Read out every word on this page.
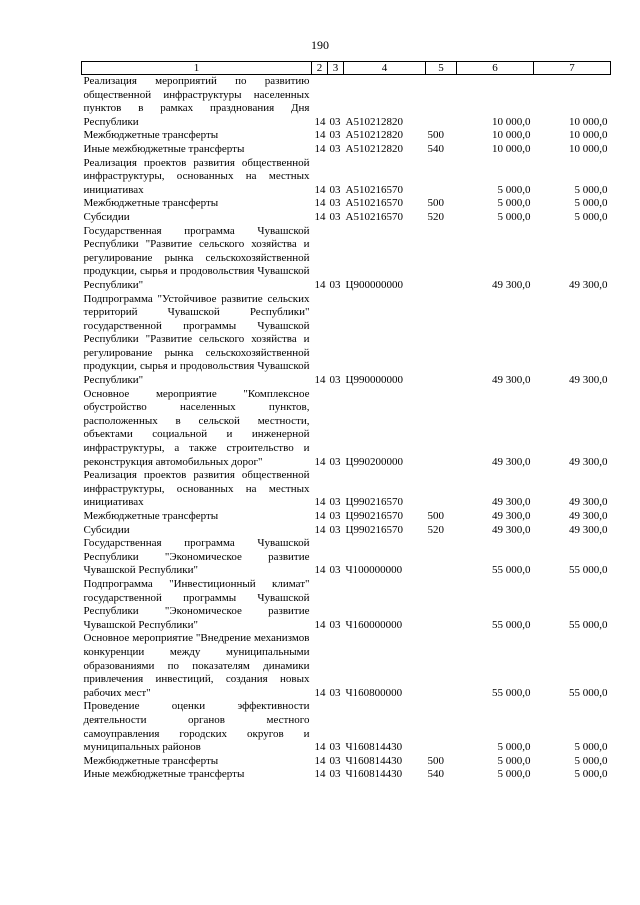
190
1	2	3	4	5	6	7
Реализация мероприятий по развитию общественной инфраструктуры населенных пунктов в рамках празднования Дня Республики	14	03	А510212820		10 000,0	10 000,0
Межбюджетные трансферты	14	03	А510212820	500	10 000,0	10 000,0
Иные межбюджетные трансферты	14	03	А510212820	540	10 000,0	10 000,0
Реализация проектов развития общественной инфраструктуры, основанных на местных инициативах	14	03	А510216570		5 000,0	5 000,0
Межбюджетные трансферты	14	03	А510216570	500	5 000,0	5 000,0
Субсидии	14	03	А510216570	520	5 000,0	5 000,0
Государственная программа Чувашской Республики "Развитие сельского хозяйства и регулирование рынка сельскохозяйственной продукции, сырья и продовольствия Чувашской Республики"	14	03	Ц900000000		49 300,0	49 300,0
Подпрограмма "Устойчивое развитие сельских территорий Чувашской Республики" государственной программы Чувашской Республики "Развитие сельского хозяйства и регулирование рынка сельскохозяйственной продукции, сырья и продовольствия Чувашской Республики"	14	03	Ц990000000		49 300,0	49 300,0
Основное мероприятие "Комплексное обустройство населенных пунктов, расположенных в сельской местности, объектами социальной и инженерной инфраструктуры, а также строительство и реконструкция автомобильных дорог"	14	03	Ц990200000		49 300,0	49 300,0
Реализация проектов развития общественной инфраструктуры, основанных на местных инициативах	14	03	Ц990216570		49 300,0	49 300,0
Межбюджетные трансферты	14	03	Ц990216570	500	49 300,0	49 300,0
Субсидии	14	03	Ц990216570	520	49 300,0	49 300,0
Государственная программа Чувашской Республики "Экономическое развитие Чувашской Республики"	14	03	Ч100000000		55 000,0	55 000,0
Подпрограмма "Инвестиционный климат" государственной программы Чувашской Республики "Экономическое развитие Чувашской Республики"	14	03	Ч160000000		55 000,0	55 000,0
Основное мероприятие "Внедрение механизмов конкуренции между муниципальными образованиями по показателям динамики привлечения инвестиций, создания новых рабочих мест"	14	03	Ч160800000		55 000,0	55 000,0
Проведение оценки эффективности деятельности органов местного самоуправления городских округов и муниципальных районов	14	03	Ч160814430		5 000,0	5 000,0
Межбюджетные трансферты	14	03	Ч160814430	500	5 000,0	5 000,0
Иные межбюджетные трансферты	14	03	Ч160814430	540	5 000,0	5 000,0
